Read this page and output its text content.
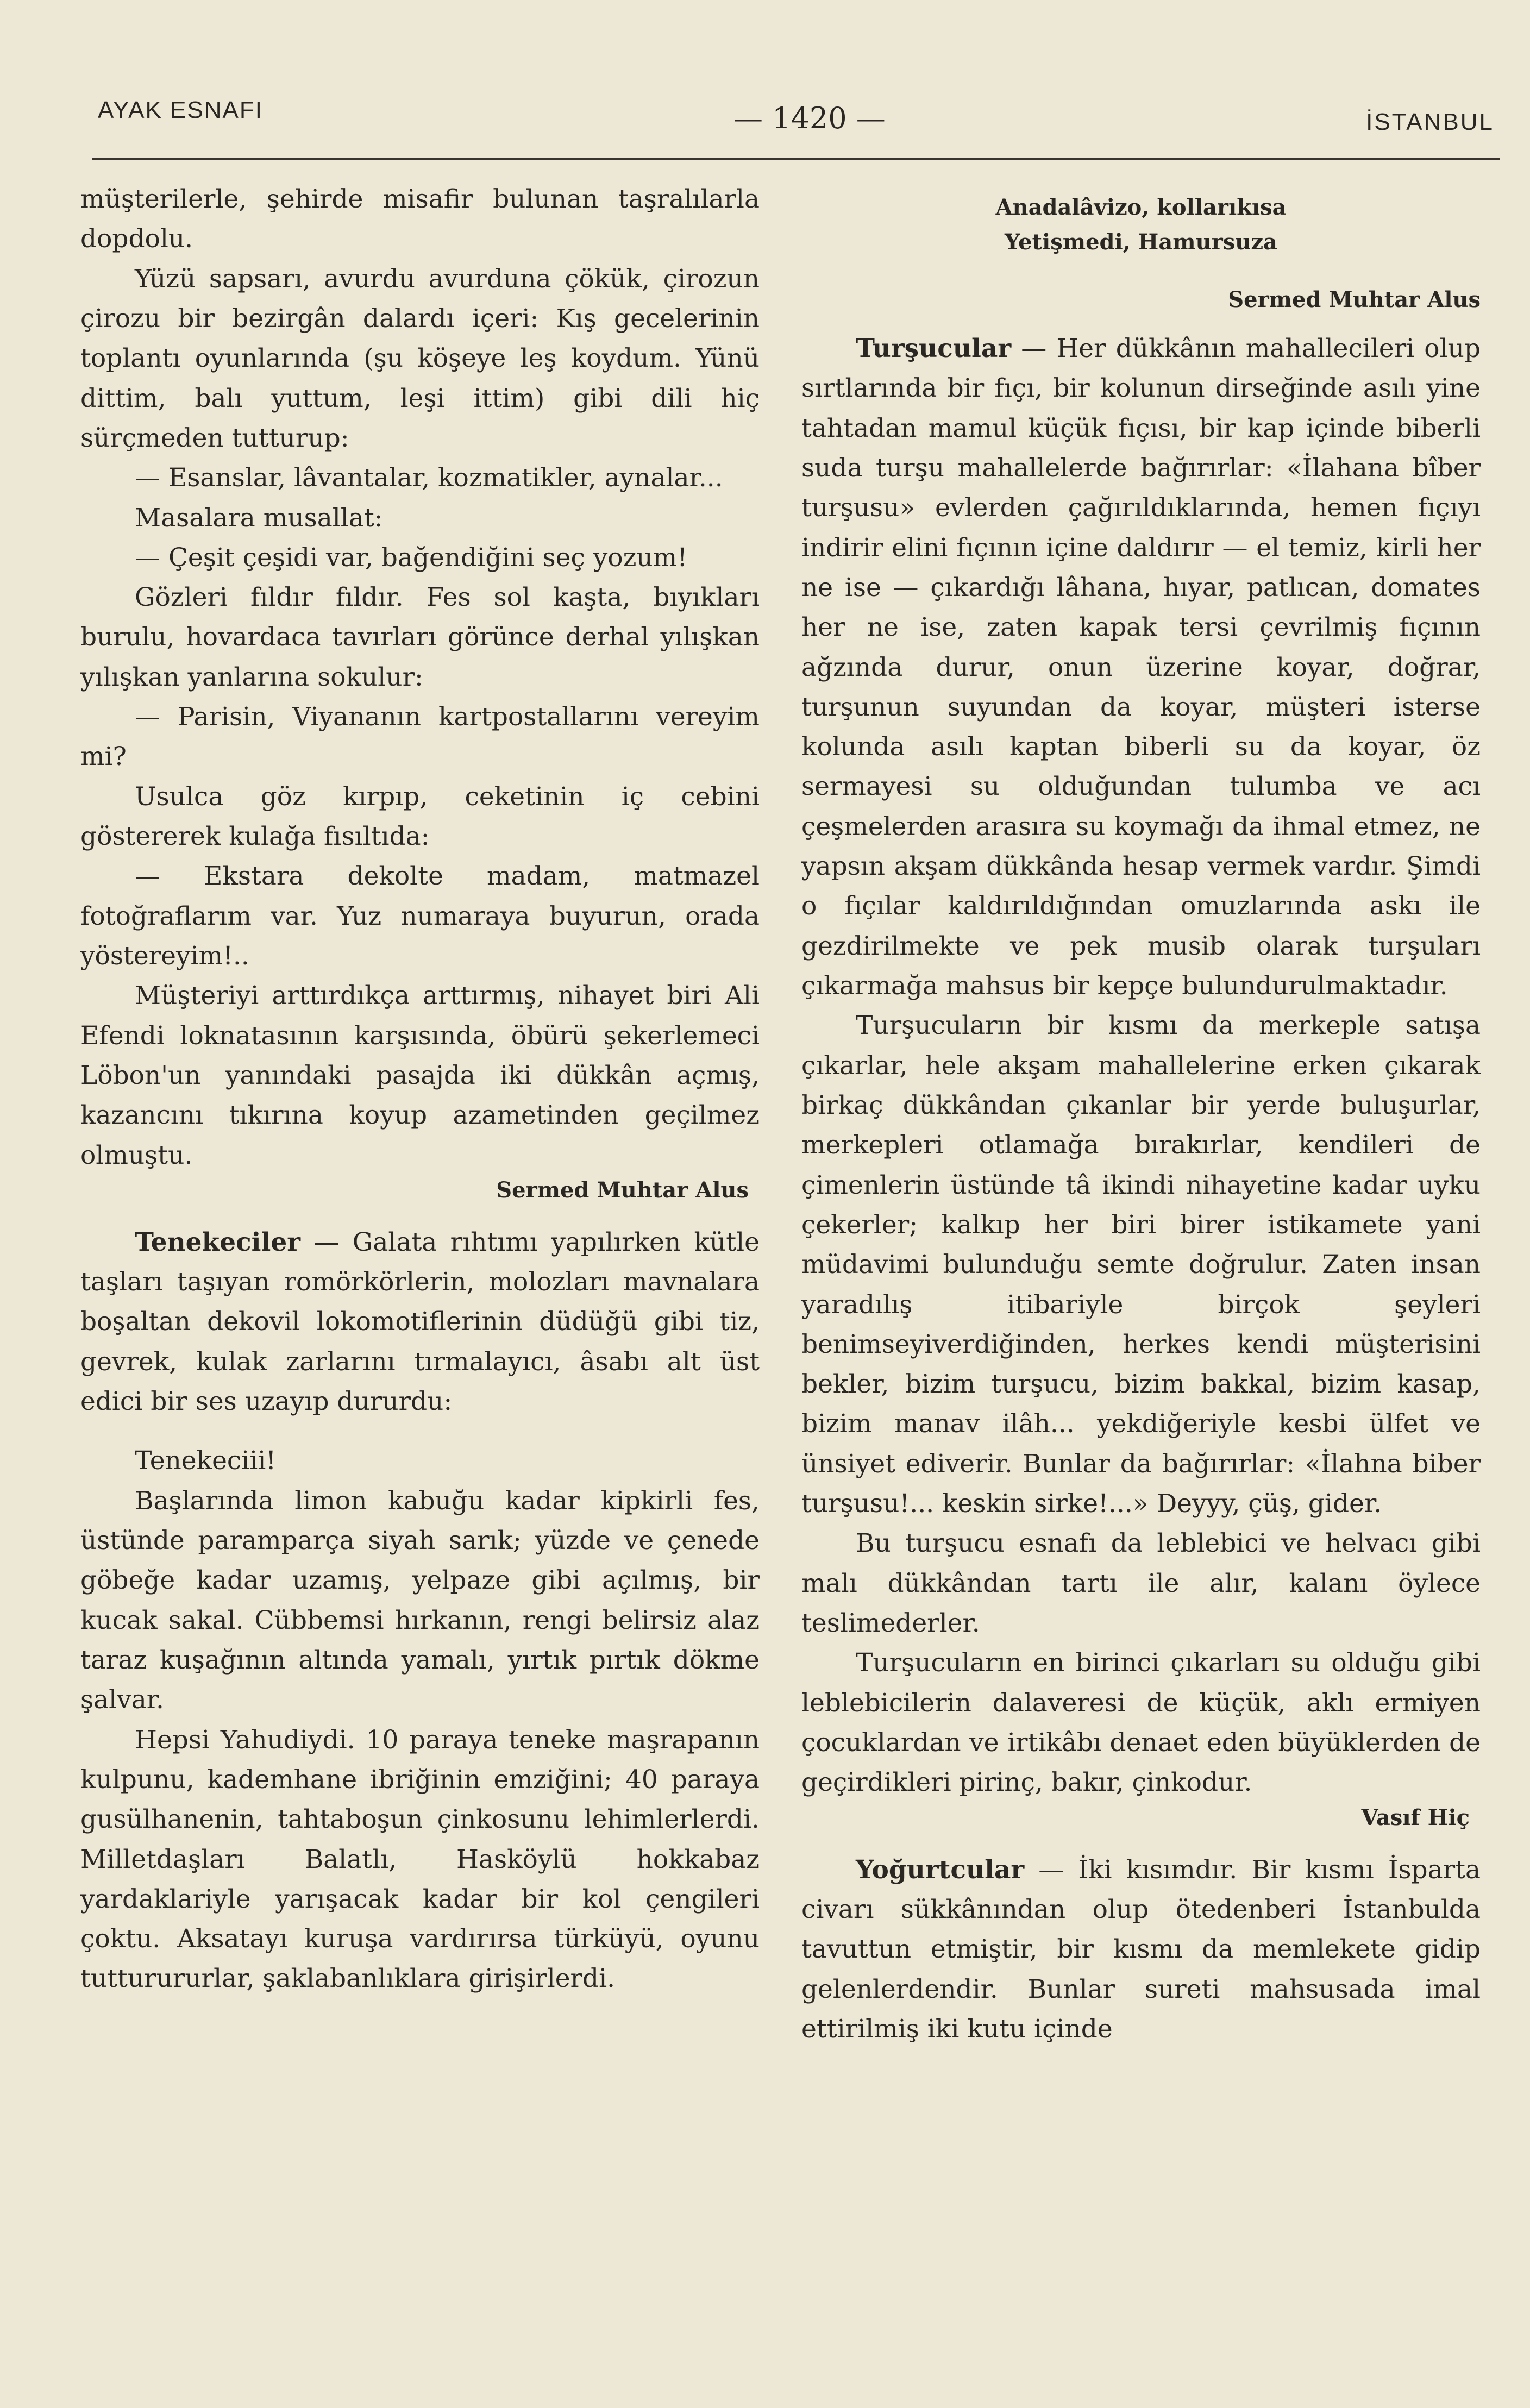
AYAK ESNAFI	— 1420 —	İSTANBUL

müşterilerle, şehirde misafir bulunan taşralılarla dopdolu.

Yüzü sapsarı, avurdu avurduna çökük, çirozun çirozu bir bezirgân dalardı içeri: Kış gecelerinin toplantı oyunlarında (şu köşeye leş koydum. Yünü dittim, balı yuttum, leşi ittim) gibi dili hiç sürçmeden tutturup:

— Esanslar, lâvantalar, kozmatikler, aynalar...

Masalara musallat:

— Çeşit çeşidi var, bağendiğini seç yozum!

Gözleri fıldır fıldır. Fes sol kaşta, bıyıkları burulu, hovardaca tavırları görünce derhal yılışkan yılışkan yanlarına sokulur:

— Parisin, Viyananın kartpostallarını vereyim mi?

Usulca göz kırpıp, ceketinin iç cebini göstererek kulağa fısıltıda:

— Ekstara dekolte madam, matmazel fotoğraflarım var. Yuz numaraya buyurun, orada yöstereyim!..

Müşteriyi arttırdıkça arttırmış, nihayet biri Ali Efendi loknatasının karşısında, öbürü şekerlemeci Löbon'un yanındaki pasajda iki dükkân açmış, kazancını tıkırına koyup azametinden geçilmez olmuştu.

Sermed Muhtar Alus

Tenekeciler — Galata rıhtımı yapılırken kütle taşları taşıyan romörkörlerin, molozları mavnalara boşaltan dekovil lokomotiflerinin düdüğü gibi tiz, gevrek, kulak zarlarını tırmalayıcı, âsabı alt üst edici bir ses uzayıp dururdu:

Tenekeciii!

Başlarında limon kabuğu kadar kipkirli fes, üstünde paramparça siyah sarık; yüzde ve çenede göbeğe kadar uzamış, yelpaze gibi açılmış, bir kucak sakal. Cübbemsi hırkanın, rengi belirsiz alaz taraz kuşağının altında yamalı, yırtık pırtık dökme şalvar.

Hepsi Yahudiydi. 10 paraya teneke maşrapanın kulpunu, kademhane ibriğinin emziğini; 40 paraya gusülhanenin, tahtaboşun çinkosunu lehimlerlerdi. Milletdaşları Balatlı, Hasköylü hokkabaz yardaklariyle yarışacak kadar bir kol çengileri çoktu. Aksatayı kuruşa vardırırsa türküyü, oyunu tutturururlar, şaklabanlıklara girişirlerdi.

Anadalâvizo, kollarıkısa
Yetişmedi, Hamursuza
Sermed Muhtar Alus

Turşucular — Her dükkânın mahallecileri olup sırtlarında bir fıçı, bir kolunun dirseğinde asılı yine tahtadan mamul küçük fıçısı, bir kap içinde biberli suda turşu mahallelerde bağırırlar: «İlahana bîber turşusu» evlerden çağırıldıklarında, hemen fıçıyı indirir elini fıçının içine daldırır — el temiz, kirli her ne ise — çıkardığı lâhana, hıyar, patlıcan, domates her ne ise, zaten kapak tersi çevrilmiş fıçının ağzında durur, onun üzerine koyar, doğrar, turşunun suyundan da koyar, müşteri isterse kolunda asılı kaptan biberli su da koyar, öz sermayesi su olduğundan tulumba ve acı çeşmelerden arasıra su koymağı da ihmal etmez, ne yapsın akşam dükkânda hesap vermek vardır. Şimdi o fıçılar kaldırıldığından omuzlarında askı ile gezdirilmekte ve pek musib olarak turşuları çıkarmağa mahsus bir kepçe bulundurulmaktadır.

Turşucuların bir kısmı da merkeple satışa çıkarlar, hele akşam mahallelerine erken çıkarak birkaç dükkândan çıkanlar bir yerde buluşurlar, merkepleri otlamağa bırakırlar, kendileri de çimenlerin üstünde tâ ikindi nihayetine kadar uyku çekerler; kalkıp her biri birer istikamete yani müdavimi bulunduğu semte doğrulur. Zaten insan yaradılış itibariyle birçok şeyleri benimseyiverdiğinden, herkes kendi müşterisini bekler, bizim turşucu, bizim bakkal, bizim kasap, bizim manav ilâh... yekdiğeriyle kesbi ülfet ve ünsiyet ediverir. Bunlar da bağırırlar: «İlahna biber turşusu!... keskin sirke!...» Deyyy, çüş, gider.

Bu turşucu esnafı da leblebici ve helvacı gibi malı dükkândan tartı ile alır, kalanı öylece teslimederler.

Turşucuların en birinci çıkarları su olduğu gibi leblebicilerin dalaveresi de küçük, aklı ermiyen çocuklardan ve irtikâbı denaet eden büyüklerden de geçirdikleri pirinç, bakır, çinkodur.

Vasıf Hiç

Yoğurtcular — İki kısımdır. Bir kısmı İsparta civarı sükkânından olup ötedenberi İstanbulda tavuttun etmiştir, bir kısmı da memlekete gidip gelenlerdendir. Bunlar sureti mahsusada imal ettirilmiş iki kutu içinde
